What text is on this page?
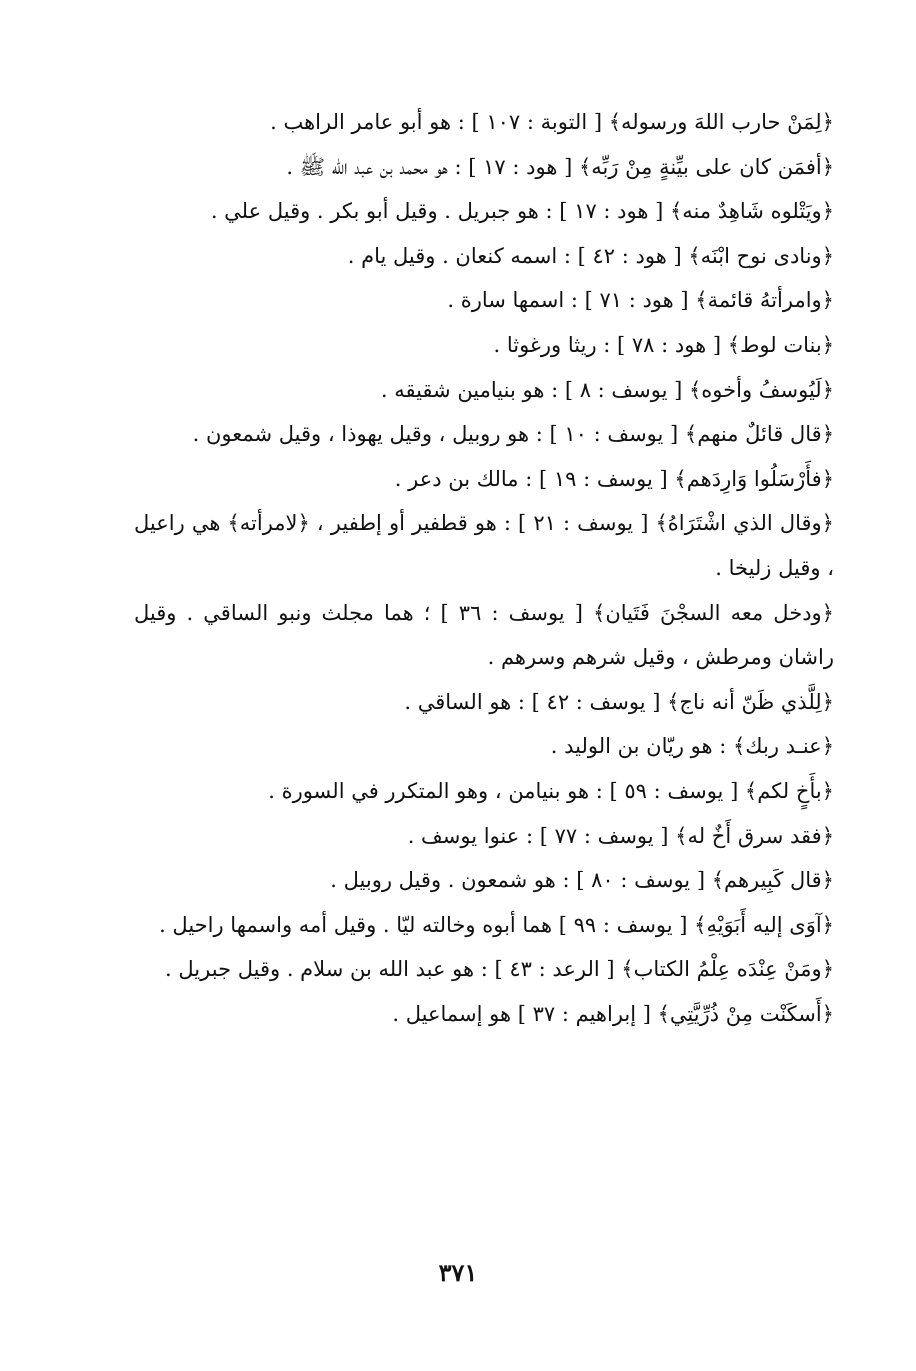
﴿لِمَنْ حارب اللهَ ورسوله﴾ [ التوبة : ١٠٧ ] : هو أبو عامر الراهب .

﴿أفمَن كان على بيِّنةٍ مِنْ رَبِّه﴾ [ هود : ١٧ ] : هو محمد بن عبد الله ﷺ .

﴿ويَتْلوه شَاهِدٌ منه﴾ [ هود : ١٧ ] : هو جبريل . وقيل أبو بكر . وقيل علي .

﴿ونادى نوح ابْنَه﴾ [ هود : ٤٢ ] : اسمه كنعان . وقيل يام .

﴿وامرأتهُ قائمة﴾ [ هود : ٧١ ] : اسمها سارة .

﴿بنات لوط﴾ [ هود : ٧٨ ] : ريثا ورغوثا .

﴿لَيُوسفُ وأخوه﴾ [ يوسف : ٨ ] : هو بنيامين شقيقه .

﴿قال قائلٌ منهم﴾ [ يوسف : ١٠ ] : هو روبيل ، وقيل يهوذا ، وقيل شمعون .

﴿فأَرْسَلُوا وَارِدَهم﴾ [ يوسف : ١٩ ] : مالك بن دعر .

﴿وقال الذي اشْتَرَاهُ﴾ [ يوسف : ٢١ ] : هو قطفير أو إطفير ، ﴿لامرأته﴾ هي راعيل ، وقيل زليخا .

﴿ودخل معه السجْنَ فَتَيان﴾ [ يوسف : ٣٦ ] ؛ هما مجلث ونبو الساقي . وقيل راشان ومرطش ، وقيل شرهم وسرهم .

﴿لِلَّذي ظَنّ أنه ناج﴾ [ يوسف : ٤٢ ] : هو الساقي .

﴿عنـد ربك﴾ : هو ريّان بن الوليد .

﴿بأَخٍ لكم﴾ [ يوسف : ٥٩ ] : هو بنيامن ، وهو المتكرر في السورة .

﴿فقد سرق أَخٌ له﴾ [ يوسف : ٧٧ ] : عنوا يوسف .

﴿قال كَبِيرهم﴾ [ يوسف : ٨٠ ] : هو شمعون . وقيل روبيل .

﴿آوَى إليه أَبَوَيْهِ﴾ [ يوسف : ٩٩ ] هما أبوه وخالته ليّا . وقيل أمه واسمها راحيل .

﴿ومَنْ عِنْدَه عِلْمُ الكتاب﴾ [ الرعد : ٤٣ ] : هو عبد الله بن سلام . وقيل جبريل .

﴿أَسكَنْت مِنْ ذُرِّيَّتِي﴾ [ إبراهيم : ٣٧ ] هو إسماعيل .

٣٧١
